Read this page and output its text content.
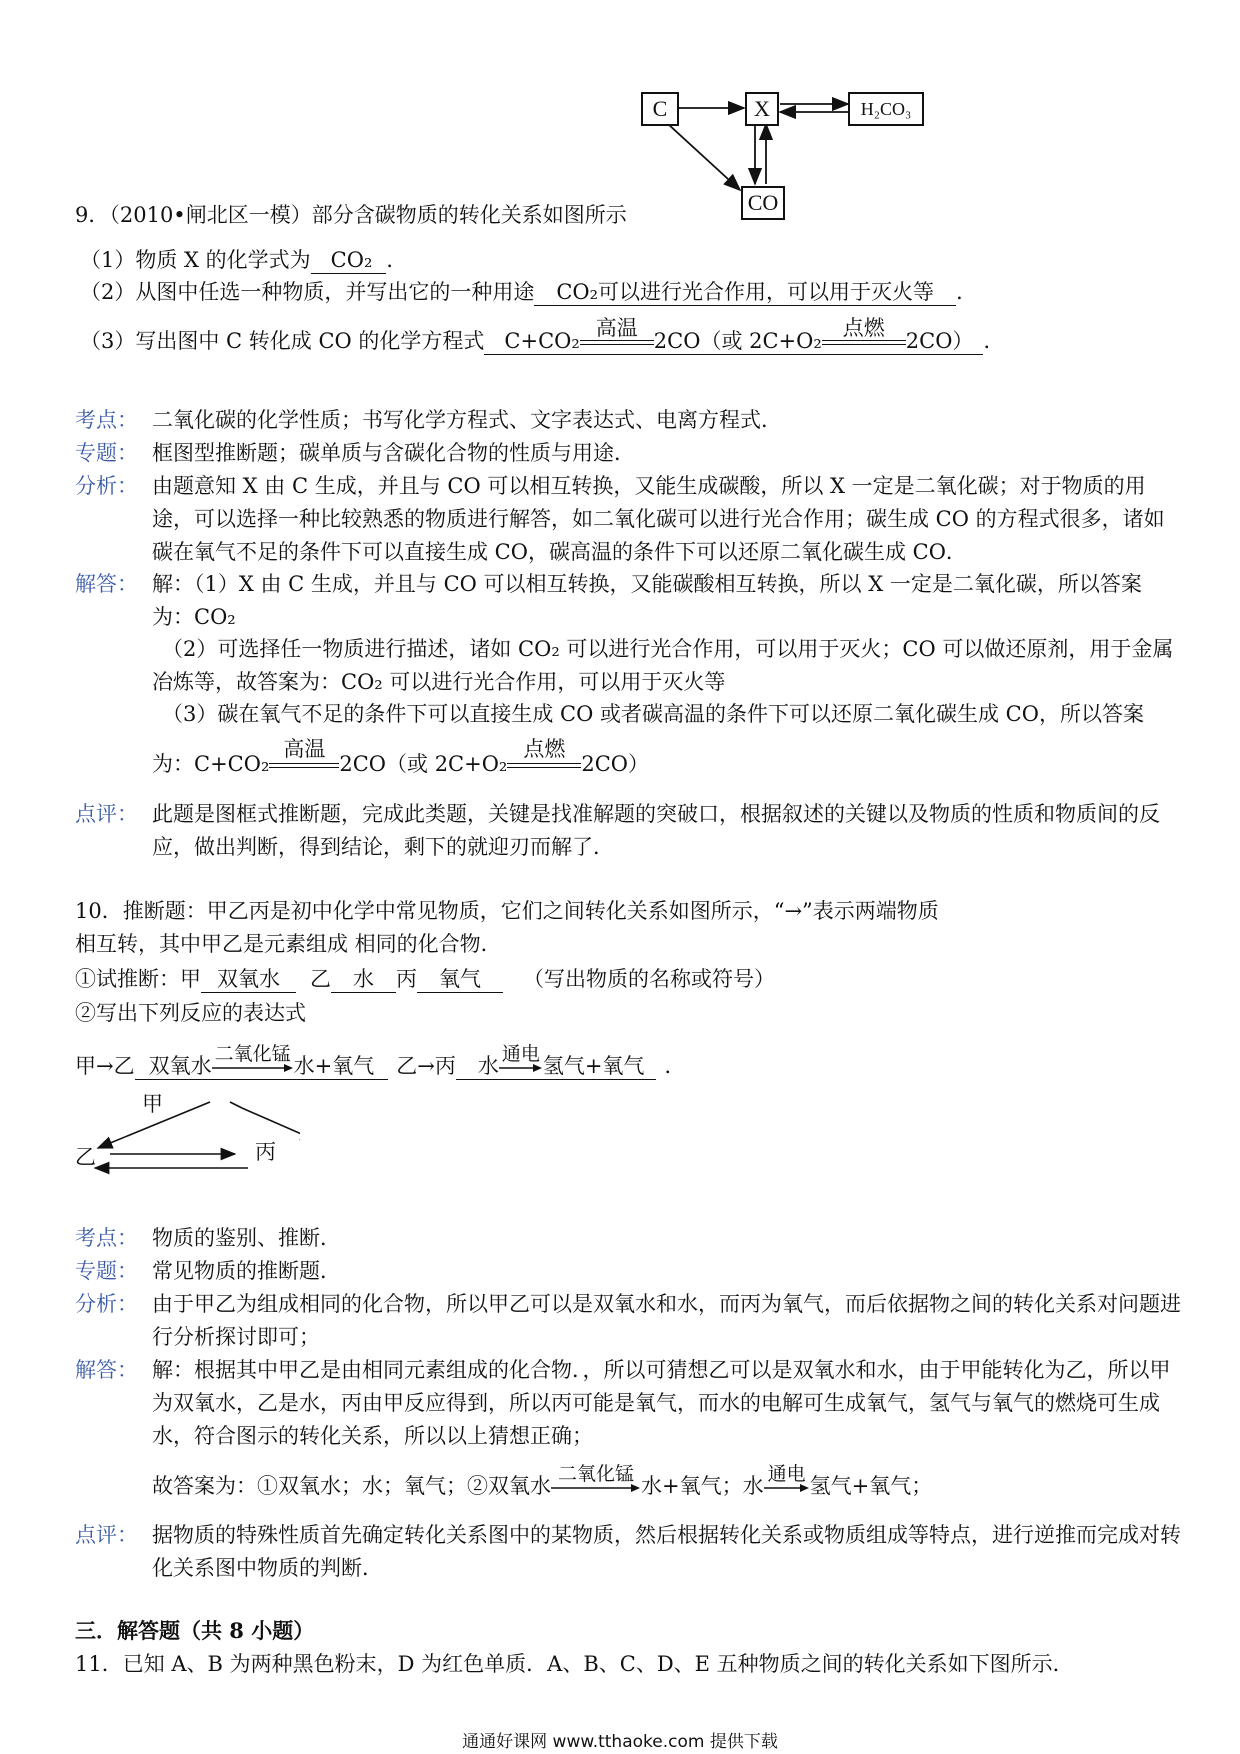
C	X	H₂CO₃
CO
9．（2010•闸北区一模）部分含碳物质的转化关系如图所示
（1）物质 X 的化学式为 CO₂ ．
（2）从图中任选一种物质，并写出它的一种用途 CO₂可以进行光合作用，可以用于灭火等 ．
（3）写出图中 C 转化成 CO 的化学方程式 C+CO₂
高温
2CO（或 2C+O₂
点燃
2CO） ．
考点： 二氧化碳的化学性质；书写化学方程式、文字表达式、电离方程式．
专题： 框图型推断题；碳单质与含碳化合物的性质与用途．
分析： 由题意知 X 由 C 生成，并且与 CO 可以相互转换，又能生成碳酸，所以 X 一定是二氧化碳；对于物质的用途，可以选择一种比较熟悉的物质进行解答，如二氧化碳可以进行光合作用；碳生成 CO 的方程式很多，诸如碳在氧气不足的条件下可以直接生成 CO，碳高温的条件下可以还原二氧化碳生成 CO．
解答： 解：（1）X 由 C 生成，并且与 CO 可以相互转换，又能碳酸相互转换，所以 X 一定是二氧化碳，所以答案为：CO₂
（2）可选择任一物质进行描述，诸如 CO₂ 可以进行光合作用，可以用于灭火；CO 可以做还原剂，用于金属冶炼等，故答案为：CO₂ 可以进行光合作用，可以用于灭火等
（3）碳在氧气不足的条件下可以直接生成 CO 或者碳高温的条件下可以还原二氧化碳生成 CO，所以答案
为：C+CO₂
高温
2CO（或 2C+O₂
点燃
2CO）
点评： 此题是图框式推断题，完成此类题，关键是找准解题的突破口，根据叙述的关键以及物质的性质和物质间的反应，做出判断，得到结论，剩下的就迎刃而解了．
10．推断题：甲乙丙是初中化学中常见物质，它们之间转化关系如图所示，“→”表示两端物质
相互转，其中甲乙是元素组成 相同的化合物．
①试推断：甲 双氧水 乙 水 丙 氧气 （写出物质的名称或符号）
②写出下列反应的表达式
甲→乙 双氧水 二氧化锰 水+氧气 乙→丙 水 通电 氢气+氧气 ．
甲
乙	丙
考点： 物质的鉴别、推断．
专题： 常见物质的推断题．
分析： 由于甲乙为组成相同的化合物，所以甲乙可以是双氧水和水，而丙为氧气，而后依据物之间的转化关系对问题进行分析探讨即可；
解答： 解：根据其中甲乙是由相同元素组成的化合物．，所以可猜想乙可以是双氧水和水，由于甲能转化为乙，所以甲为双氧水，乙是水，丙由甲反应得到，所以丙可能是氧气，而水的电解可生成氧气，氢气与氧气的燃烧可生成水，符合图示的转化关系，所以以上猜想正确；
故答案为：①双氧水；水；氧气；②双氧水 二氧化锰 水+氧气；水 通电 氢气+氧气；
点评： 据物质的特殊性质首先确定转化关系图中的某物质，然后根据转化关系或物质组成等特点，进行逆推而完成对转化关系图中物质的判断．
三．解答题（共 8 小题）
11．已知 A、B 为两种黑色粉末，D 为红色单质．A、B、C、D、E 五种物质之间的转化关系如下图所示．
通通好课网 www.tthaoke.com 提供下载
